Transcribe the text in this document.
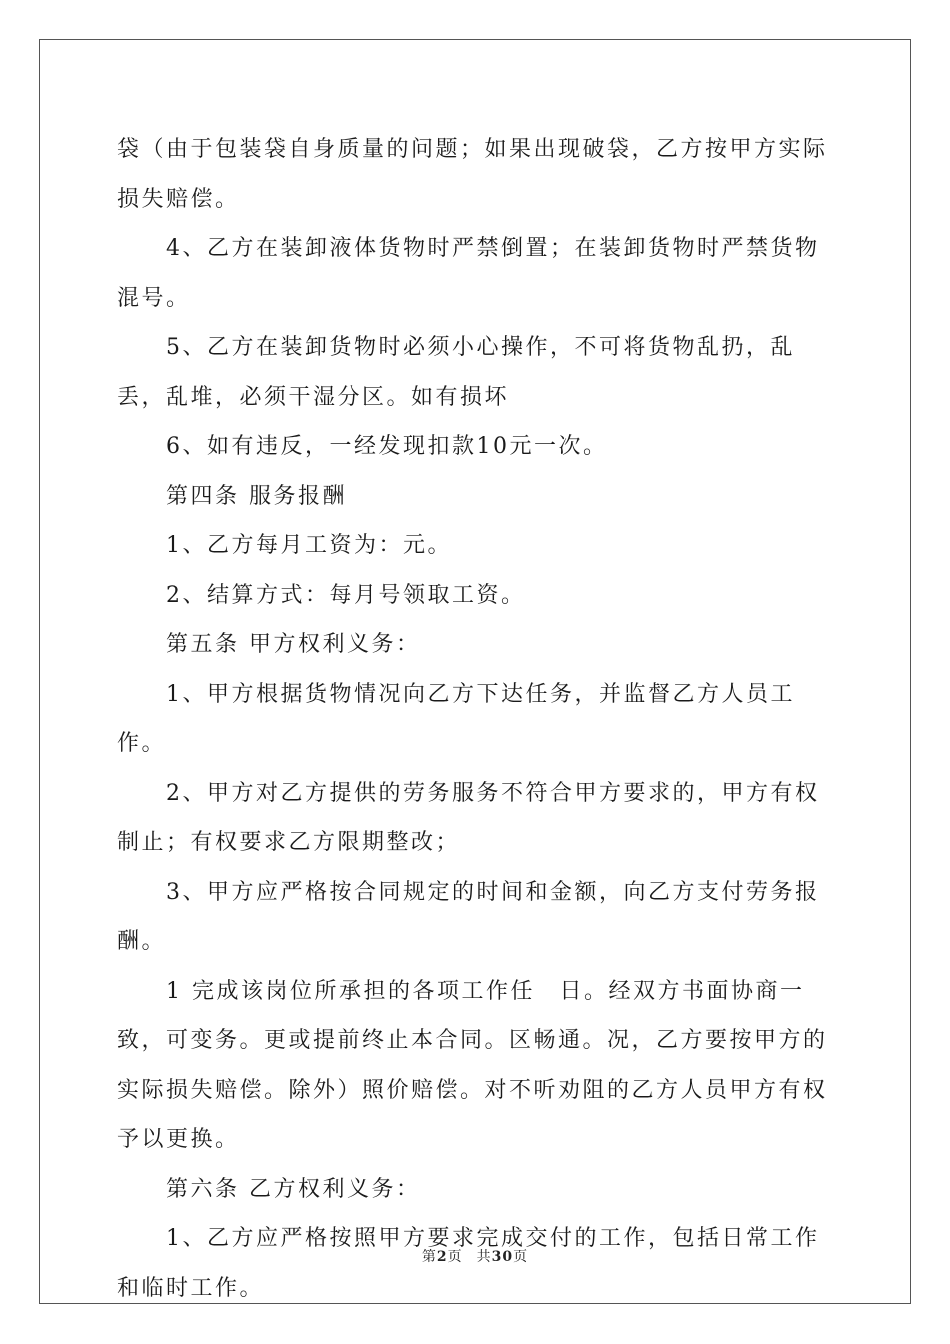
袋（由于包装袋自身质量的问题；如果出现破袋，乙方按甲方实际损失赔偿。

4、乙方在装卸液体货物时严禁倒置；在装卸货物时严禁货物混号。

5、乙方在装卸货物时必须小心操作，不可将货物乱扔，乱丢，乱堆，必须干湿分区。如有损坏

6、如有违反，一经发现扣款10元一次。

第四条 服务报酬

1、乙方每月工资为：元。

2、结算方式：每月号领取工资。

第五条 甲方权利义务：

1、甲方根据货物情况向乙方下达任务，并监督乙方人员工作。

2、甲方对乙方提供的劳务服务不符合甲方要求的，甲方有权制止；有权要求乙方限期整改；

3、甲方应严格按合同规定的时间和金额，向乙方支付劳务报酬。

1 完成该岗位所承担的各项工作任　日。经双方书面协商一致，可变务。更或提前终止本合同。区畅通。况，乙方要按甲方的实际损失赔偿。除外）照价赔偿。对不听劝阻的乙方人员甲方有权予以更换。

第六条 乙方权利义务：

1、乙方应严格按照甲方要求完成交付的工作，包括日常工作和临时工作。

第2页 共30页
